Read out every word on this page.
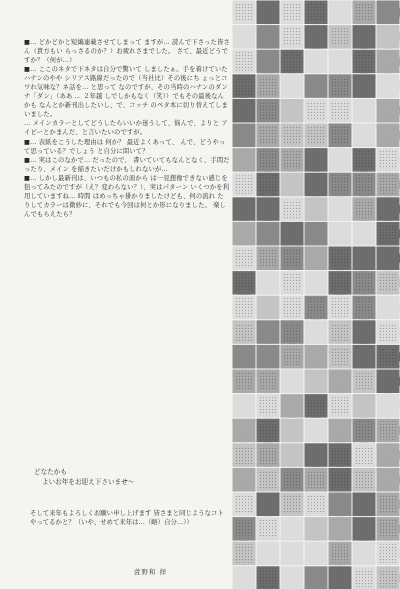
■… どかどかと短編連載させてしまって ますが… 読んで下さった皆さん（貴方もい らっさるのか？）お疲れさまでした。 さて、最近どうですか？（何が…）

■… ここのネタで下ネタは自分で驚いて しましたぁ。手を着けていたハナンのやや シリアス路線だったので（当社比）その後にち ょっとコワれ気味な？ネ話を… と思って なのですが、その当時のハナンのダンナ「ダン」（ああ … ２年越 しでしかもなく（笑））でもその最後なんかも なんとか新刊出したいし、で、コッチ のペタ本に切り替えてしまいました。

… メインカラーとしてどうしたらいいか迷うして、悩んで、よりと アイビーとかまんだ、と言いたいのですが。

■… 表紙をこうした理由は 何か？ 最近よくあって、 んで、どうやって思っている？でしょう と自分に問いて？

■… 実はこのなかで… だったので、 書いていてもなんとなく、手間だったり、メイン を描きたいだけかもしれないが…

■… しかし最新刊は、いつもの私の面から は一見想像できない感じを狙ってみたのですが（え？変わらない？）、実はパターン いくつかを利用していますね… 時間 はめっちゃ掛かりましたけども、何の流れ たりしてカラーは微妙に、それでも今回は何とか形になりました。 楽しんでもらえたら？

どなたかも
よいお年をお迎え下さいませ〜
そして来年もよろしくお願い申し上げます 皆さまと同じようなコトやってるかと？（いや、せめて来年は…（略）自分…））
萱野和 拝
